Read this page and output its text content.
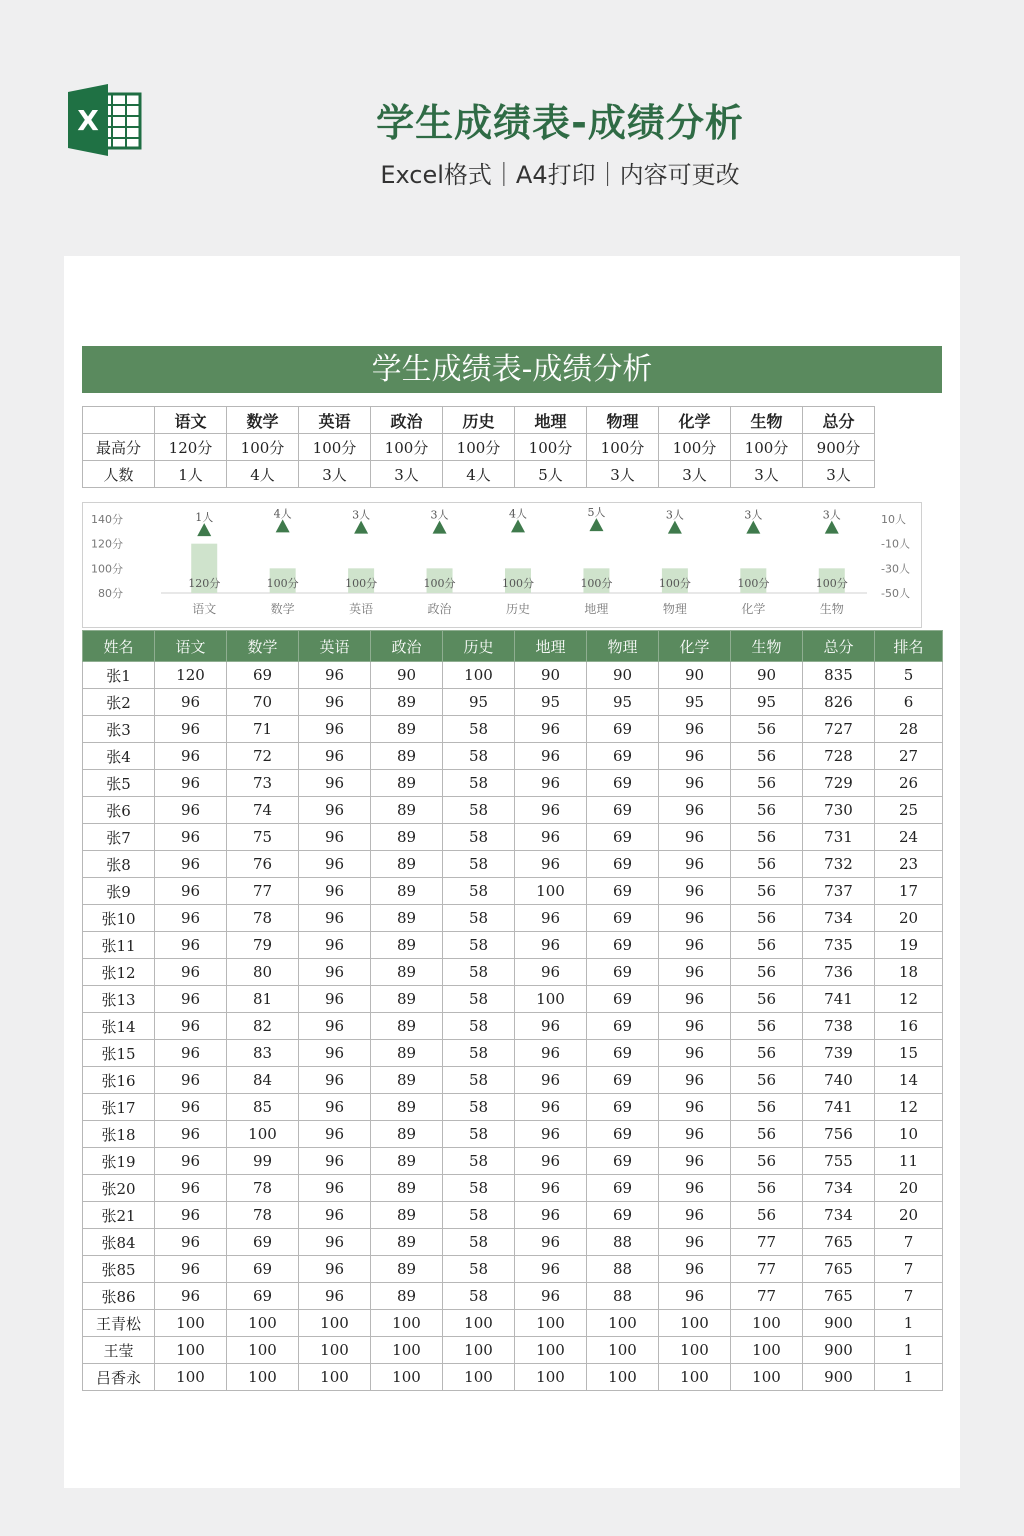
X	学生成绩表-成绩分析
Excel格式｜A4打印｜内容可更改
学生成绩表-成绩分析
	语文	数学	英语	政治	历史	地理	物理	化学	生物	总分
最高分	120分	100分	100分	100分	100分	100分	100分	100分	100分	900分
人数	1人	4人	3人	3人	4人	5人	3人	3人	3人	3人
140分
120分
100分
80分
10人
-10人
-30人
-50人
120分
1人
语文
100分
4人
数学
100分
3人
英语
100分
3人
政治
100分
4人
历史
100分
5人
地理
100分
3人
物理
100分
3人
化学
100分
3人
生物
姓名	语文	数学	英语	政治	历史	地理	物理	化学	生物	总分	排名
张1	120	69	96	90	100	90	90	90	90	835	5
张2	96	70	96	89	95	95	95	95	95	826	6
张3	96	71	96	89	58	96	69	96	56	727	28
张4	96	72	96	89	58	96	69	96	56	728	27
张5	96	73	96	89	58	96	69	96	56	729	26
张6	96	74	96	89	58	96	69	96	56	730	25
张7	96	75	96	89	58	96	69	96	56	731	24
张8	96	76	96	89	58	96	69	96	56	732	23
张9	96	77	96	89	58	100	69	96	56	737	17
张10	96	78	96	89	58	96	69	96	56	734	20
张11	96	79	96	89	58	96	69	96	56	735	19
张12	96	80	96	89	58	96	69	96	56	736	18
张13	96	81	96	89	58	100	69	96	56	741	12
张14	96	82	96	89	58	96	69	96	56	738	16
张15	96	83	96	89	58	96	69	96	56	739	15
张16	96	84	96	89	58	96	69	96	56	740	14
张17	96	85	96	89	58	96	69	96	56	741	12
张18	96	100	96	89	58	96	69	96	56	756	10
张19	96	99	96	89	58	96	69	96	56	755	11
张20	96	78	96	89	58	96	69	96	56	734	20
张21	96	78	96	89	58	96	69	96	56	734	20
张84	96	69	96	89	58	96	88	96	77	765	7
张85	96	69	96	89	58	96	88	96	77	765	7
张86	96	69	96	89	58	96	88	96	77	765	7
王青松	100	100	100	100	100	100	100	100	100	900	1
王莹	100	100	100	100	100	100	100	100	100	900	1
吕香永	100	100	100	100	100	100	100	100	100	900	1
